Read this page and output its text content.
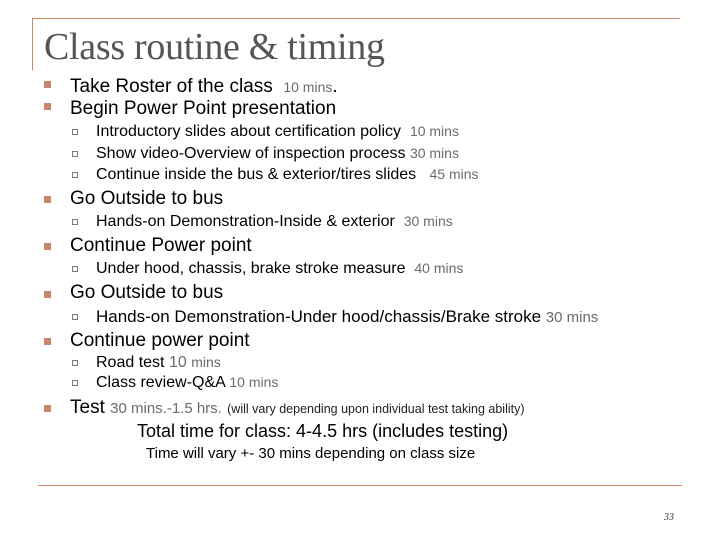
Class routine & timing
Take Roster of the class 10 mins.
Begin Power Point presentation
Introductory slides about certification policy 10 mins
Show video-Overview of inspection process 30 mins
Continue inside the bus & exterior/tires slides 45 mins
Go Outside to bus
Hands-on Demonstration-Inside & exterior 30 mins
Continue Power point
Under hood, chassis, brake stroke measure 40 mins
Go Outside to bus
Hands-on Demonstration-Under hood/chassis/Brake stroke 30 mins
Continue power point
Road test 10 mins
Class review-Q&A 10 mins
Test 30 mins.-1.5 hrs. (will vary depending upon individual test taking ability)
Total time for class: 4-4.5 hrs (includes testing)
Time will vary +- 30 mins depending on class size
33
